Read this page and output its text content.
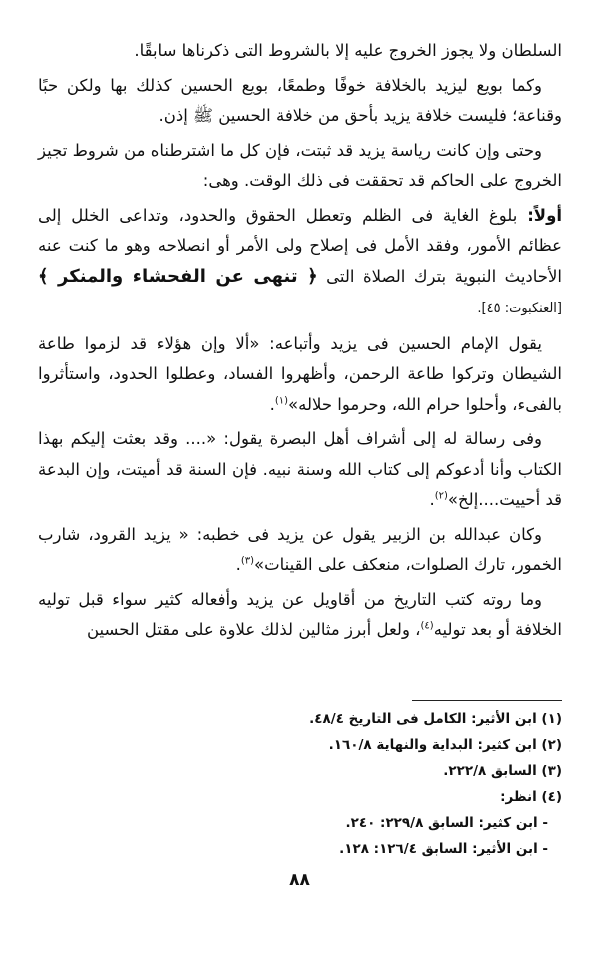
السلطان ولا يجوز الخروج عليه إلا بالشروط التى ذكرناها سابقًا.

وكما بويع ليزيد بالخلافة خوفًا وطمعًا، بويع الحسين كذلك بها ولكن حبًا وقناعة؛ فليست خلافة يزيد بأحق من خلافة الحسين ﷺ إذن.

وحتى وإن كانت رياسة يزيد قد ثبتت، فإن كل ما اشترطناه من شروط تجيز الخروج على الحاكم قد تحققت فى ذلك الوقت. وهى:

أولاً: بلوغ الغاية فى الظلم وتعطل الحقوق والحدود، وتداعى الخلل إلى عظائم الأمور، وفقد الأمل فى إصلاح ولى الأمر أو انصلاحه وهو ما كنت عنه الأحاديث النبوية بترك الصلاة التى ﴿ تنهى عن الفحشاء والمنكر ﴾ [العنكبوت: ٤٥].

يقول الإمام الحسين فى يزيد وأتباعه: «ألا وإن هؤلاء قد لزموا طاعة الشيطان وتركوا طاعة الرحمن، وأظهروا الفساد، وعطلوا الحدود، واستأثروا بالفىء، وأحلوا حرام الله، وحرموا حلاله»$^{(١)}$.

وفى رسالة له إلى أشراف أهل البصرة يقول: «.... وقد بعثت إليكم بهذا الكتاب وأنا أدعوكم إلى كتاب الله وسنة نبيه. فإن السنة قد أميتت، وإن البدعة قد أحييت....إلخ»$^{(٢)}$.

وكان عبدالله بن الزبير يقول عن يزيد فى خطبه: « يزيد القرود، شارب الخمور، تارك الصلوات، منعكف على القينات»$^{(٣)}$.

وما روته كتب التاريخ من أقاويل عن يزيد وأفعاله كثير سواء قبل توليه الخلافة أو بعد توليه$^{(٤)}$، ولعل أبرز مثالين لذلك علاوة على مقتل الحسين

(١) ابن الأثير: الكامل فى التاريخ ٤٨/٤.

(٢) ابن كثير: البداية والنهاية ١٦٠/٨.

(٣) السابق ٢٢٢/٨.

(٤) انظر:

- ابن كثير: السابق ٢٢٩/٨: ٢٤٠.

- ابن الأثير: السابق ١٢٦/٤: ١٢٨.

٨٨
